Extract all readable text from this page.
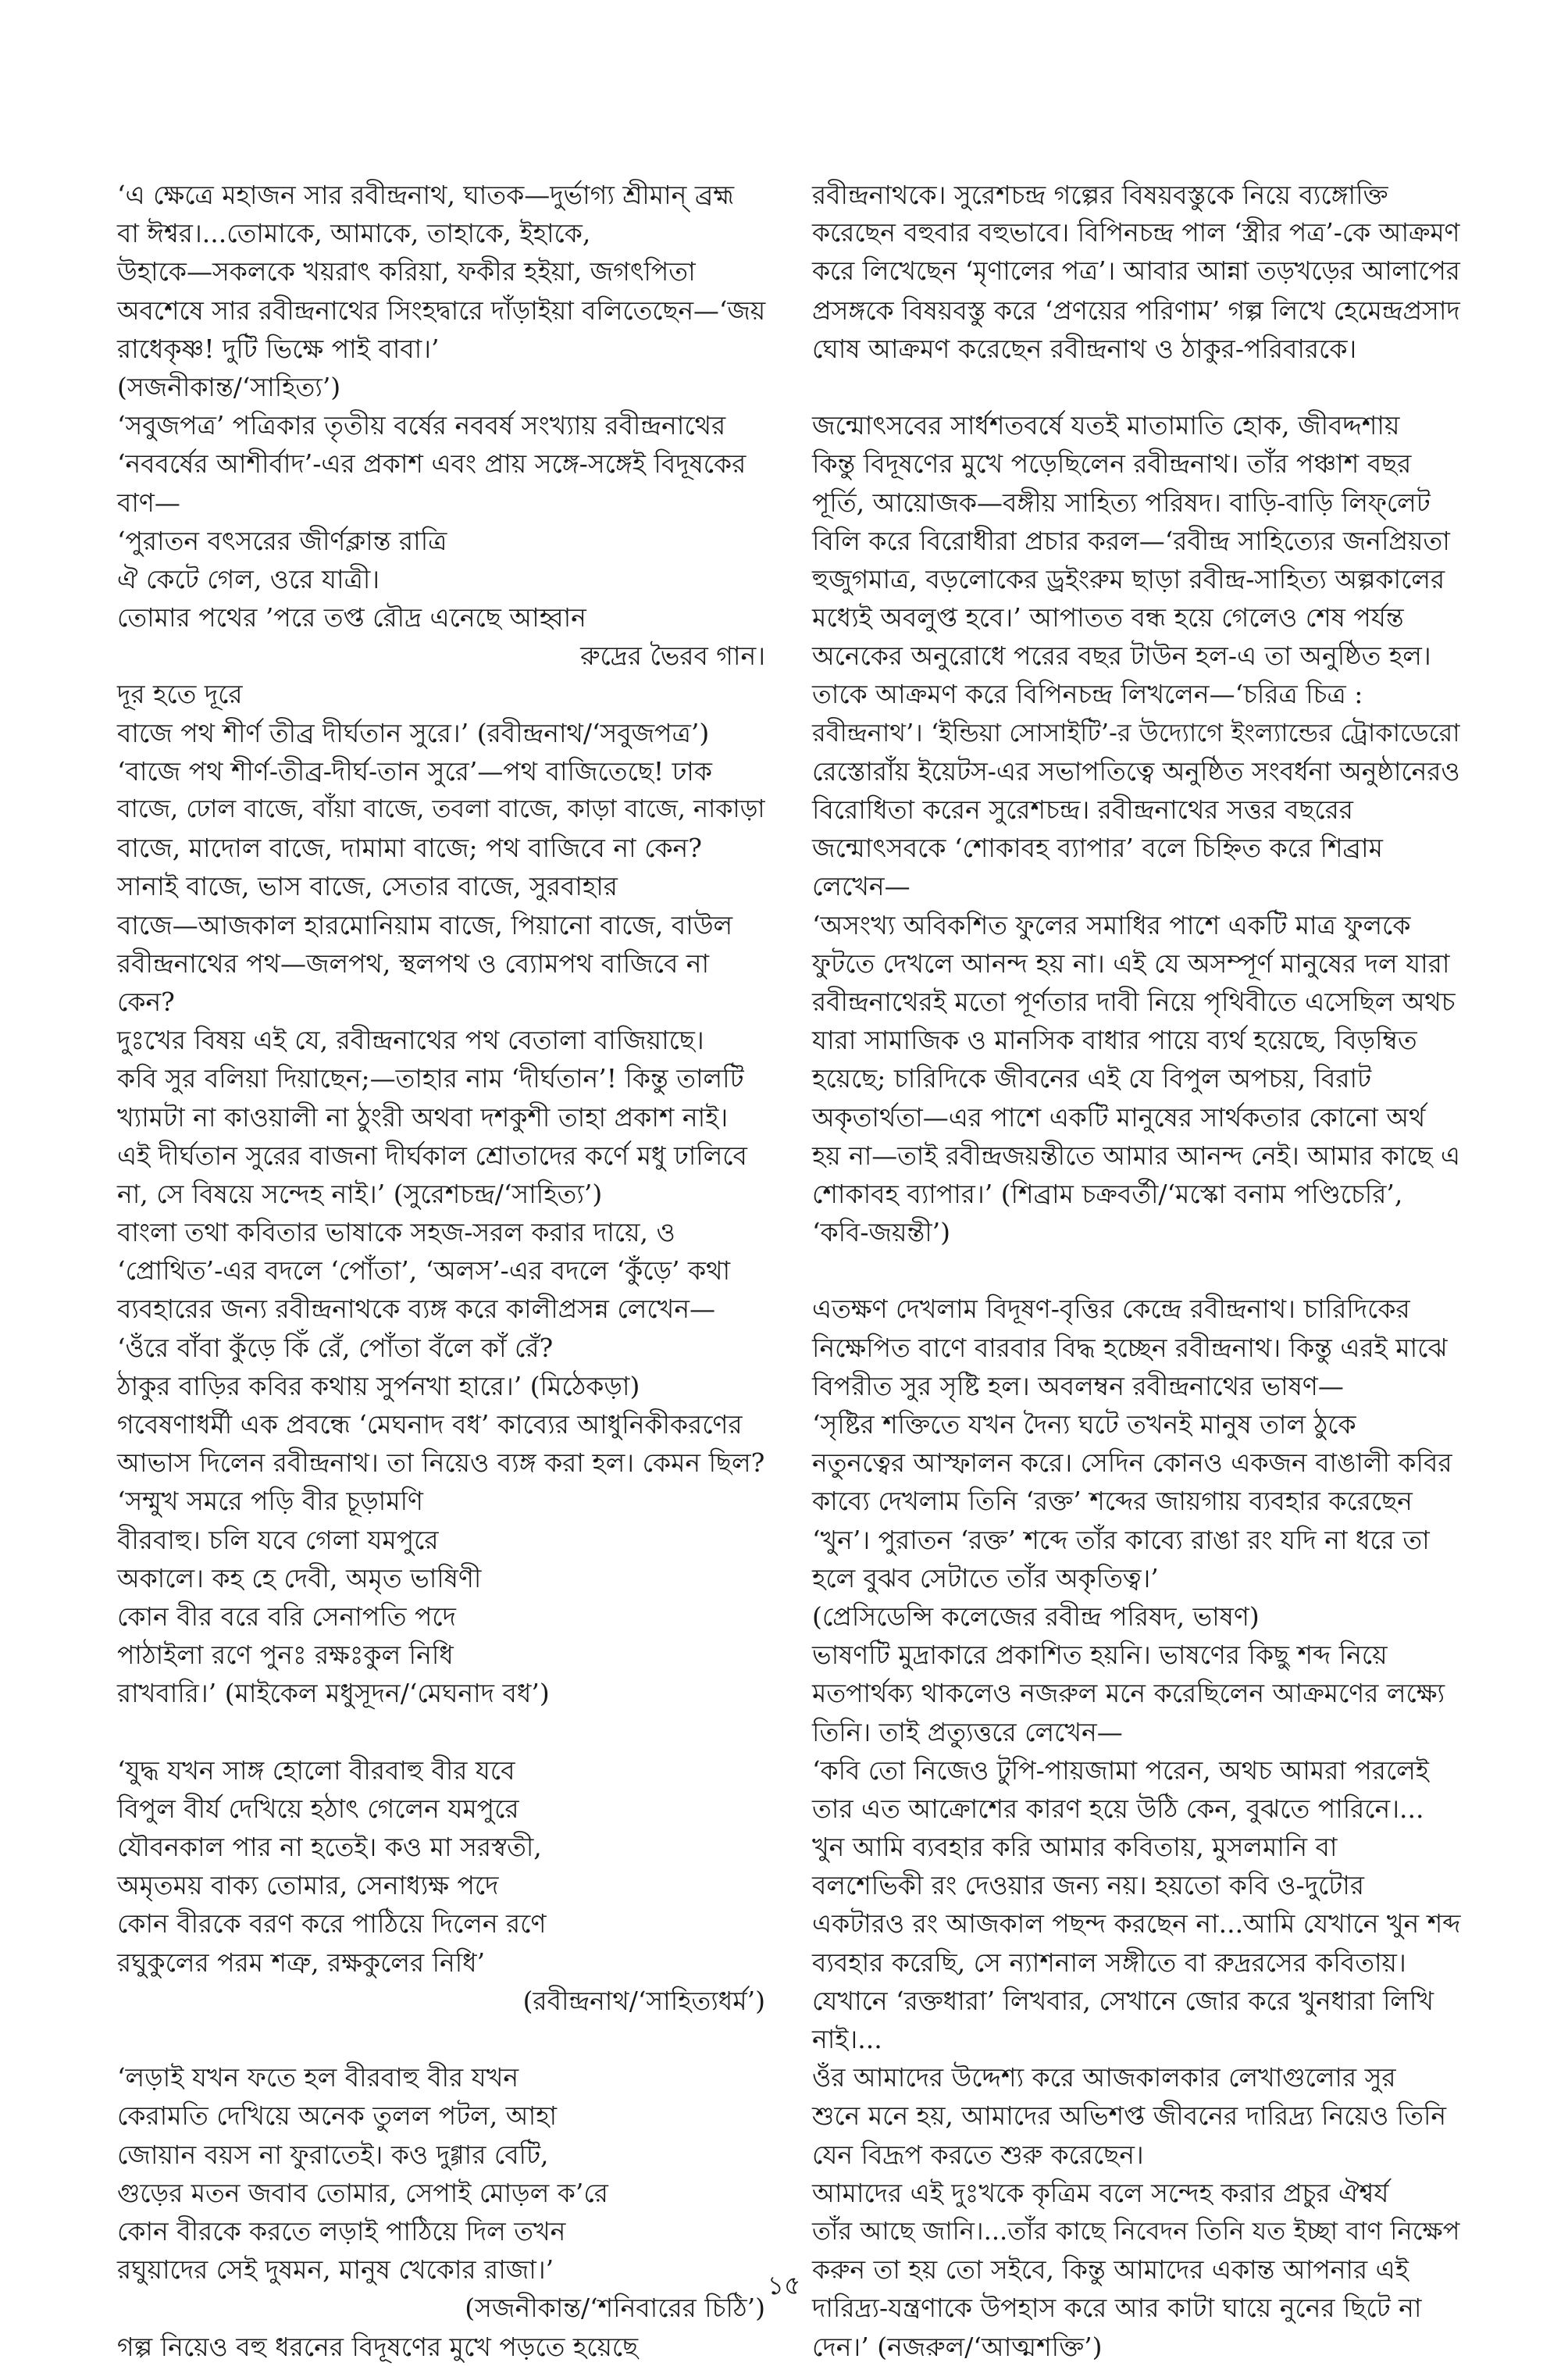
‘এ ক্ষেত্রে মহাজন সার রবীন্দ্রনাথ, ঘাতক—দুর্ভাগ্য শ্রীমান্ ব্রহ্ম

বা ঈশ্বর।...তোমাকে, আমাকে, তাহাকে, ইহাকে,

উহাকে—সকলকে খয়রাৎ করিয়া, ফকীর হইয়া, জগৎপিতা

অবশেষে সার রবীন্দ্রনাথের সিংহদ্বারে দাঁড়াইয়া বলিতেছেন—‘জয়

রাধেকৃষ্ণ! দুটি ভিক্ষে পাই বাবা।’

(সজনীকান্ত/‘সাহিত্য’)

‘সবুজপত্র’ পত্রিকার তৃতীয় বর্ষের নববর্ষ সংখ্যায় রবীন্দ্রনাথের

‘নববর্ষের আশীর্বাদ’-এর প্রকাশ এবং প্রায় সঙ্গে-সঙ্গেই বিদূষকের

বাণ—

‘পুরাতন বৎসরের জীর্ণক্লান্ত রাত্রি

ঐ কেটে গেল, ওরে যাত্রী।

তোমার পথের ’পরে তপ্ত রৌদ্র এনেছে আহ্বান

রুদ্রের ভৈরব গান।

দূর হতে দূরে

বাজে পথ শীর্ণ তীব্র দীর্ঘতান সুরে।’ (রবীন্দ্রনাথ/‘সবুজপত্র’)

‘বাজে পথ শীর্ণ-তীব্র-দীর্ঘ-তান সুরে’—পথ বাজিতেছে! ঢাক

বাজে, ঢোল বাজে, বাঁয়া বাজে, তবলা বাজে, কাড়া বাজে, নাকাড়া

বাজে, মাদোল বাজে, দামামা বাজে; পথ বাজিবে না কেন?

সানাই বাজে, ভাস বাজে, সেতার বাজে, সুরবাহার

বাজে—আজকাল হারমোনিয়াম বাজে, পিয়ানো বাজে, বাউল

রবীন্দ্রনাথের পথ—জলপথ, স্থলপথ ও ব্যোমপথ বাজিবে না

কেন?

দুঃখের বিষয় এই যে, রবীন্দ্রনাথের পথ বেতালা বাজিয়াছে।

কবি সুর বলিয়া দিয়াছেন;—তাহার নাম ‘দীর্ঘতান’! কিন্তু তালটি

খ্যামটা না কাওয়ালী না ঠুংরী অথবা দশকুশী তাহা প্রকাশ নাই।

এই দীর্ঘতান সুরের বাজনা দীর্ঘকাল শ্রোতাদের কর্ণে মধু ঢালিবে

না, সে বিষয়ে সন্দেহ নাই।’ (সুরেশচন্দ্র/‘সাহিত্য’)

বাংলা তথা কবিতার ভাষাকে সহজ-সরল করার দায়ে, ও

‘প্রোথিত’-এর বদলে ‘পোঁতা’, ‘অলস’-এর বদলে ‘কুঁড়ে’ কথা

ব্যবহারের জন্য রবীন্দ্রনাথকে ব্যঙ্গ করে কালীপ্রসন্ন লেখেন—

‘ওঁরে বাঁবা কুঁড়ে কিঁ রেঁ, পোঁতা বঁলে কাঁ রেঁ?

ঠাকুর বাড়ির কবির কথায় সুর্পনখা হারে।’ (মিঠেকড়া)

গবেষণাধর্মী এক প্রবন্ধে ‘মেঘনাদ বধ’ কাব্যের আধুনিকীকরণের

আভাস দিলেন রবীন্দ্রনাথ। তা নিয়েও ব্যঙ্গ করা হল। কেমন ছিল?

‘সম্মুখ সমরে পড়ি বীর চূড়ামণি

বীরবাহু। চলি যবে গেলা যমপুরে

অকালে। কহ হে দেবী, অমৃত ভাষিণী

কোন বীর বরে বরি সেনাপতি পদে

পাঠাইলা রণে পুনঃ রক্ষঃকুল নিধি

রাখবারি।’ (মাইকেল মধুসূদন/‘মেঘনাদ বধ’)

‘যুদ্ধ যখন সাঙ্গ হোলো বীরবাহু বীর যবে

বিপুল বীর্য দেখিয়ে হঠাৎ গেলেন যমপুরে

যৌবনকাল পার না হতেই। কও মা সরস্বতী,

অমৃতময় বাক্য তোমার, সেনাধ্যক্ষ পদে

কোন বীরকে বরণ করে পাঠিয়ে দিলেন রণে

রঘুকুলের পরম শত্রু, রক্ষকুলের নিধি’

(রবীন্দ্রনাথ/‘সাহিত্যধর্ম’)

‘লড়াই যখন ফতে হল বীরবাহু বীর যখন

কেরামতি দেখিয়ে অনেক তুলল পটল, আহা

জোয়ান বয়স না ফুরাতেই। কও দুগ্গার বেটি,

গুড়ের মতন জবাব তোমার, সেপাই মোড়ল ক’রে

কোন বীরকে করতে লড়াই পাঠিয়ে দিল তখন

রঘুয়াদের সেই দুষমন, মানুষ খেকোর রাজা।’

(সজনীকান্ত/‘শনিবারের চিঠি’)

গল্প নিয়েও বহু ধরনের বিদূষণের মুখে পড়তে হয়েছে

রবীন্দ্রনাথকে। সুরেশচন্দ্র গল্পের বিষয়বস্তুকে নিয়ে ব্যঙ্গোক্তি

করেছেন বহুবার বহুভাবে। বিপিনচন্দ্র পাল ‘স্ত্রীর পত্র’-কে আক্রমণ

করে লিখেছেন ‘মৃণালের পত্র’। আবার আন্না তড়খড়ের আলাপের

প্রসঙ্গকে বিষয়বস্তু করে ‘প্রণয়ের পরিণাম’ গল্প লিখে হেমেন্দ্রপ্রসাদ

ঘোষ আক্রমণ করেছেন রবীন্দ্রনাথ ও ঠাকুর-পরিবারকে।

জন্মোৎসবের সার্ধশতবর্ষে যতই মাতামাতি হোক, জীবদ্দশায়

কিন্তু বিদূষণের মুখে পড়েছিলেন রবীন্দ্রনাথ। তাঁর পঞ্চাশ বছর

পূর্তি, আয়োজক—বঙ্গীয় সাহিত্য পরিষদ। বাড়ি-বাড়ি লিফ্‌লেট

বিলি করে বিরোধীরা প্রচার করল—‘রবীন্দ্র সাহিত্যের জনপ্রিয়তা

হুজুগমাত্র, বড়লোকের ড্রইংরুম ছাড়া রবীন্দ্র-সাহিত্য অল্পকালের

মধ্যেই অবলুপ্ত হবে।’ আপাতত বন্ধ হয়ে গেলেও শেষ পর্যন্ত

অনেকের অনুরোধে পরের বছর টাউন হল-এ তা অনুষ্ঠিত হল।

তাকে আক্রমণ করে বিপিনচন্দ্র লিখলেন—‘চরিত্র চিত্র :

রবীন্দ্রনাথ’। ‘ইন্ডিয়া সোসাইটি’-র উদ্যোগে ইংল্যান্ডের ট্রোকাডেরো

রেস্তোরাঁয় ইয়েটস-এর সভাপতিত্বে অনুষ্ঠিত সংবর্ধনা অনুষ্ঠানেরও

বিরোধিতা করেন সুরেশচন্দ্র। রবীন্দ্রনাথের সত্তর বছরের

জন্মোৎসবকে ‘শোকাবহ ব্যাপার’ বলে চিহ্নিত করে শিব্রাম

লেখেন—

‘অসংখ্য অবিকশিত ফুলের সমাধির পাশে একটি মাত্র ফুলকে

ফুটতে দেখলে আনন্দ হয় না। এই যে অসম্পূর্ণ মানুষের দল যারা

রবীন্দ্রনাথেরই মতো পূর্ণতার দাবী নিয়ে পৃথিবীতে এসেছিল অথচ

যারা সামাজিক ও মানসিক বাধার পায়ে ব্যর্থ হয়েছে, বিড়ম্বিত

হয়েছে; চারিদিকে জীবনের এই যে বিপুল অপচয়, বিরাট

অকৃতার্থতা—এর পাশে একটি মানুষের সার্থকতার কোনো অর্থ

হয় না—তাই রবীন্দ্রজয়ন্তীতে আমার আনন্দ নেই। আমার কাছে এ

শোকাবহ ব্যাপার।’ (শিব্রাম চক্রবর্তী/‘মস্কো বনাম পণ্ডিচেরি’,

‘কবি-জয়ন্তী’)

এতক্ষণ দেখলাম বিদূষণ-বৃত্তির কেন্দ্রে রবীন্দ্রনাথ। চারিদিকের

নিক্ষেপিত বাণে বারবার বিদ্ধ হচ্ছেন রবীন্দ্রনাথ। কিন্তু এরই মাঝে

বিপরীত সুর সৃষ্টি হল। অবলম্বন রবীন্দ্রনাথের ভাষণ—

‘সৃষ্টির শক্তিতে যখন দৈন্য ঘটে তখনই মানুষ তাল ঠুকে

নতুনত্বের আস্ফালন করে। সেদিন কোনও একজন বাঙালী কবির

কাব্যে দেখলাম তিনি ‘রক্ত’ শব্দের জায়গায় ব্যবহার করেছেন

‘খুন’। পুরাতন ‘রক্ত’ শব্দে তাঁর কাব্যে রাঙা রং যদি না ধরে তা

হলে বুঝব সেটাতে তাঁর অকৃতিত্ব।’

(প্রেসিডেন্সি কলেজের রবীন্দ্র পরিষদ, ভাষণ)

ভাষণটি মুদ্রাকারে প্রকাশিত হয়নি। ভাষণের কিছু শব্দ নিয়ে

মতপার্থক্য থাকলেও নজরুল মনে করেছিলেন আক্রমণের লক্ষ্যে

তিনি। তাই প্রত্যুত্তরে লেখেন—

‘কবি তো নিজেও টুপি-পায়জামা পরেন, অথচ আমরা পরলেই

তার এত আক্রোশের কারণ হয়ে উঠি কেন, বুঝতে পারিনে।...

খুন আমি ব্যবহার করি আমার কবিতায়, মুসলমানি বা

বলশেভিকী রং দেওয়ার জন্য নয়। হয়তো কবি ও-দুটোর

একটারও রং আজকাল পছন্দ করছেন না...আমি যেখানে খুন শব্দ

ব্যবহার করেছি, সে ন্যাশনাল সঙ্গীতে বা রুদ্ররসের কবিতায়।

যেখানে ‘রক্তধারা’ লিখবার, সেখানে জোর করে খুনধারা লিখি

নাই।...

ওঁর আমাদের উদ্দেশ্য করে আজকালকার লেখাগুলোর সুর

শুনে মনে হয়, আমাদের অভিশপ্ত জীবনের দারিদ্র্য নিয়েও তিনি

যেন বিদ্রূপ করতে শুরু করেছেন।

আমাদের এই দুঃখকে কৃত্রিম বলে সন্দেহ করার প্রচুর ঐশ্বর্য

তাঁর আছে জানি।...তাঁর কাছে নিবেদন তিনি যত ইচ্ছা বাণ নিক্ষেপ

করুন তা হয় তো সইবে, কিন্তু আমাদের একান্ত আপনার এই

দারিদ্র্য-যন্ত্রণাকে উপহাস করে আর কাটা ঘায়ে নুনের ছিটে না

দেন।’ (নজরুল/‘আত্মশক্তি’)

১৫
